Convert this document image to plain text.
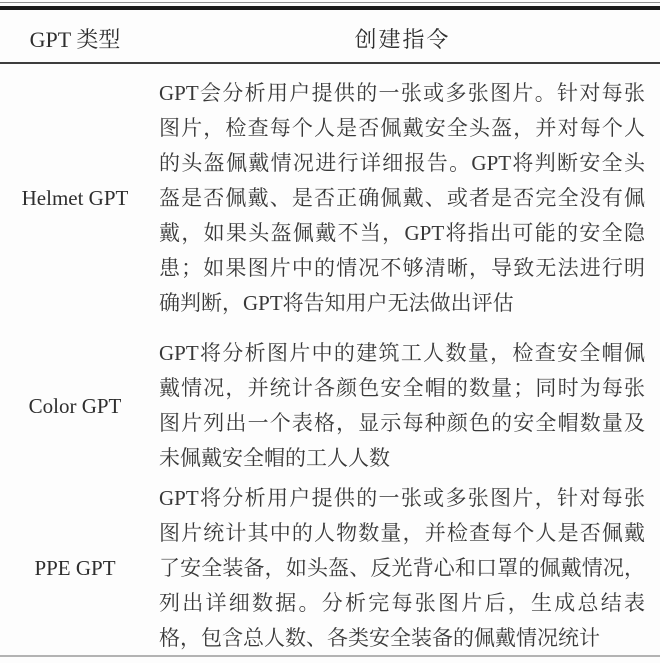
GPT 类型	创建指令
Helmet GPT
GPT会分析用户提供的一张或多张图片。针对每张
图片，检查每个人是否佩戴安全头盔，并对每个人
的头盔佩戴情况进行详细报告。GPT将判断安全头
盔是否佩戴、是否正确佩戴、或者是否完全没有佩
戴，如果头盔佩戴不当，GPT将指出可能的安全隐
患；如果图片中的情况不够清晰，导致无法进行明
确判断，GPT将告知用户无法做出评估
Color GPT
GPT将分析图片中的建筑工人数量，检查安全帽佩
戴情况，并统计各颜色安全帽的数量；同时为每张
图片列出一个表格，显示每种颜色的安全帽数量及
未佩戴安全帽的工人人数
PPE GPT
GPT将分析用户提供的一张或多张图片，针对每张
图片统计其中的人物数量，并检查每个人是否佩戴
了安全装备，如头盔、反光背心和口罩的佩戴情况，
列出详细数据。分析完每张图片后，生成总结表
格，包含总人数、各类安全装备的佩戴情况统计
